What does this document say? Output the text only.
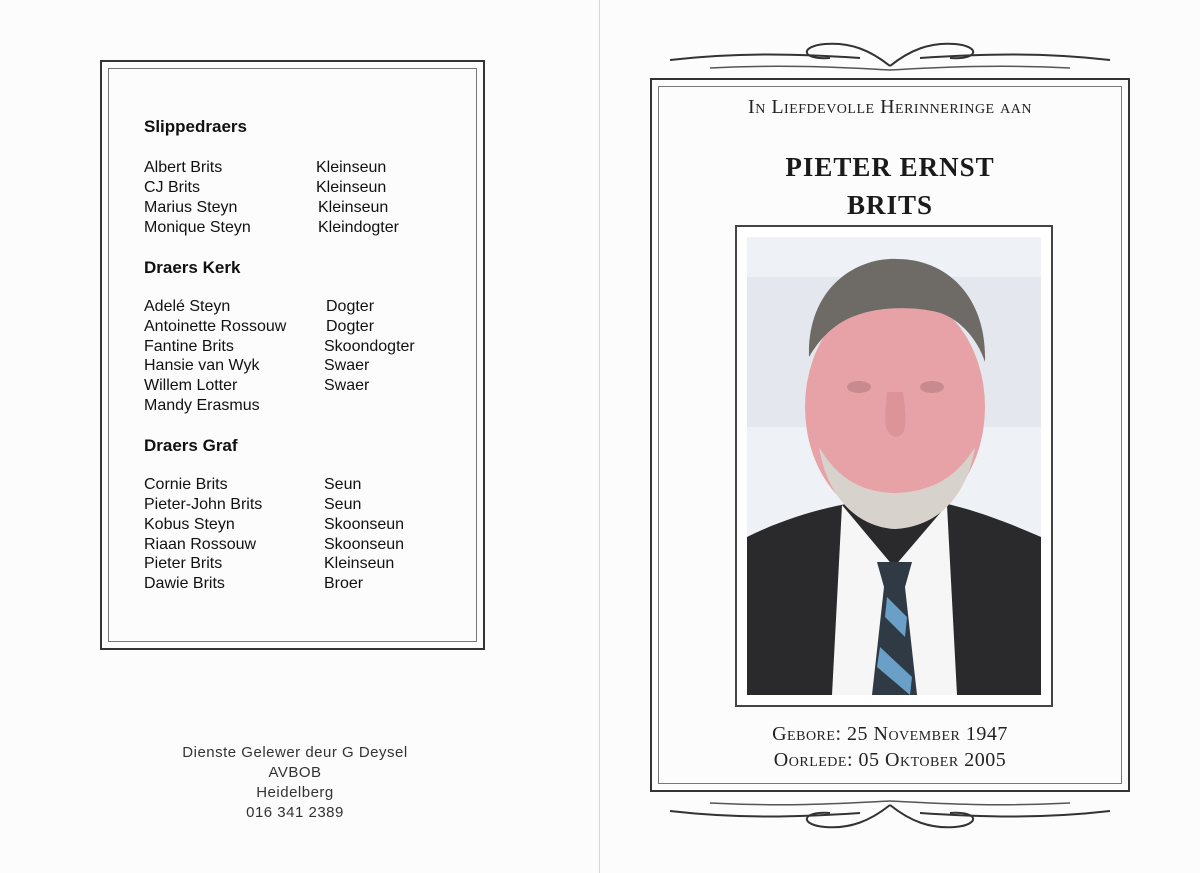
Slippedraers
Albert Brits	Kleinseun
CJ Brits	Kleinseun
Marius Steyn	Kleinseun
Monique Steyn	Kleindogter
Draers Kerk
Adelé Steyn	Dogter
Antoinette Rossouw Dogter
Fantine Brits	Skoondogter
Hansie van Wyk	Swaer
Willem Lotter	Swaer
Mandy Erasmus
Draers Graf
Cornie Brits	Seun
Pieter-John Brits	Seun
Kobus Steyn	Skoonseun
Riaan Rossouw	Skoonseun
Pieter Brits	Kleinseun
Dawie Brits	Broer
Dienste Gelewer deur G Deysel
AVBOB
Heidelberg
016 341 2389
In Liefdevolle Herinneringe aan
PIETER ERNST
BRITS
Gebore: 25 November 1947
Oorlede: 05 Oktober 2005
